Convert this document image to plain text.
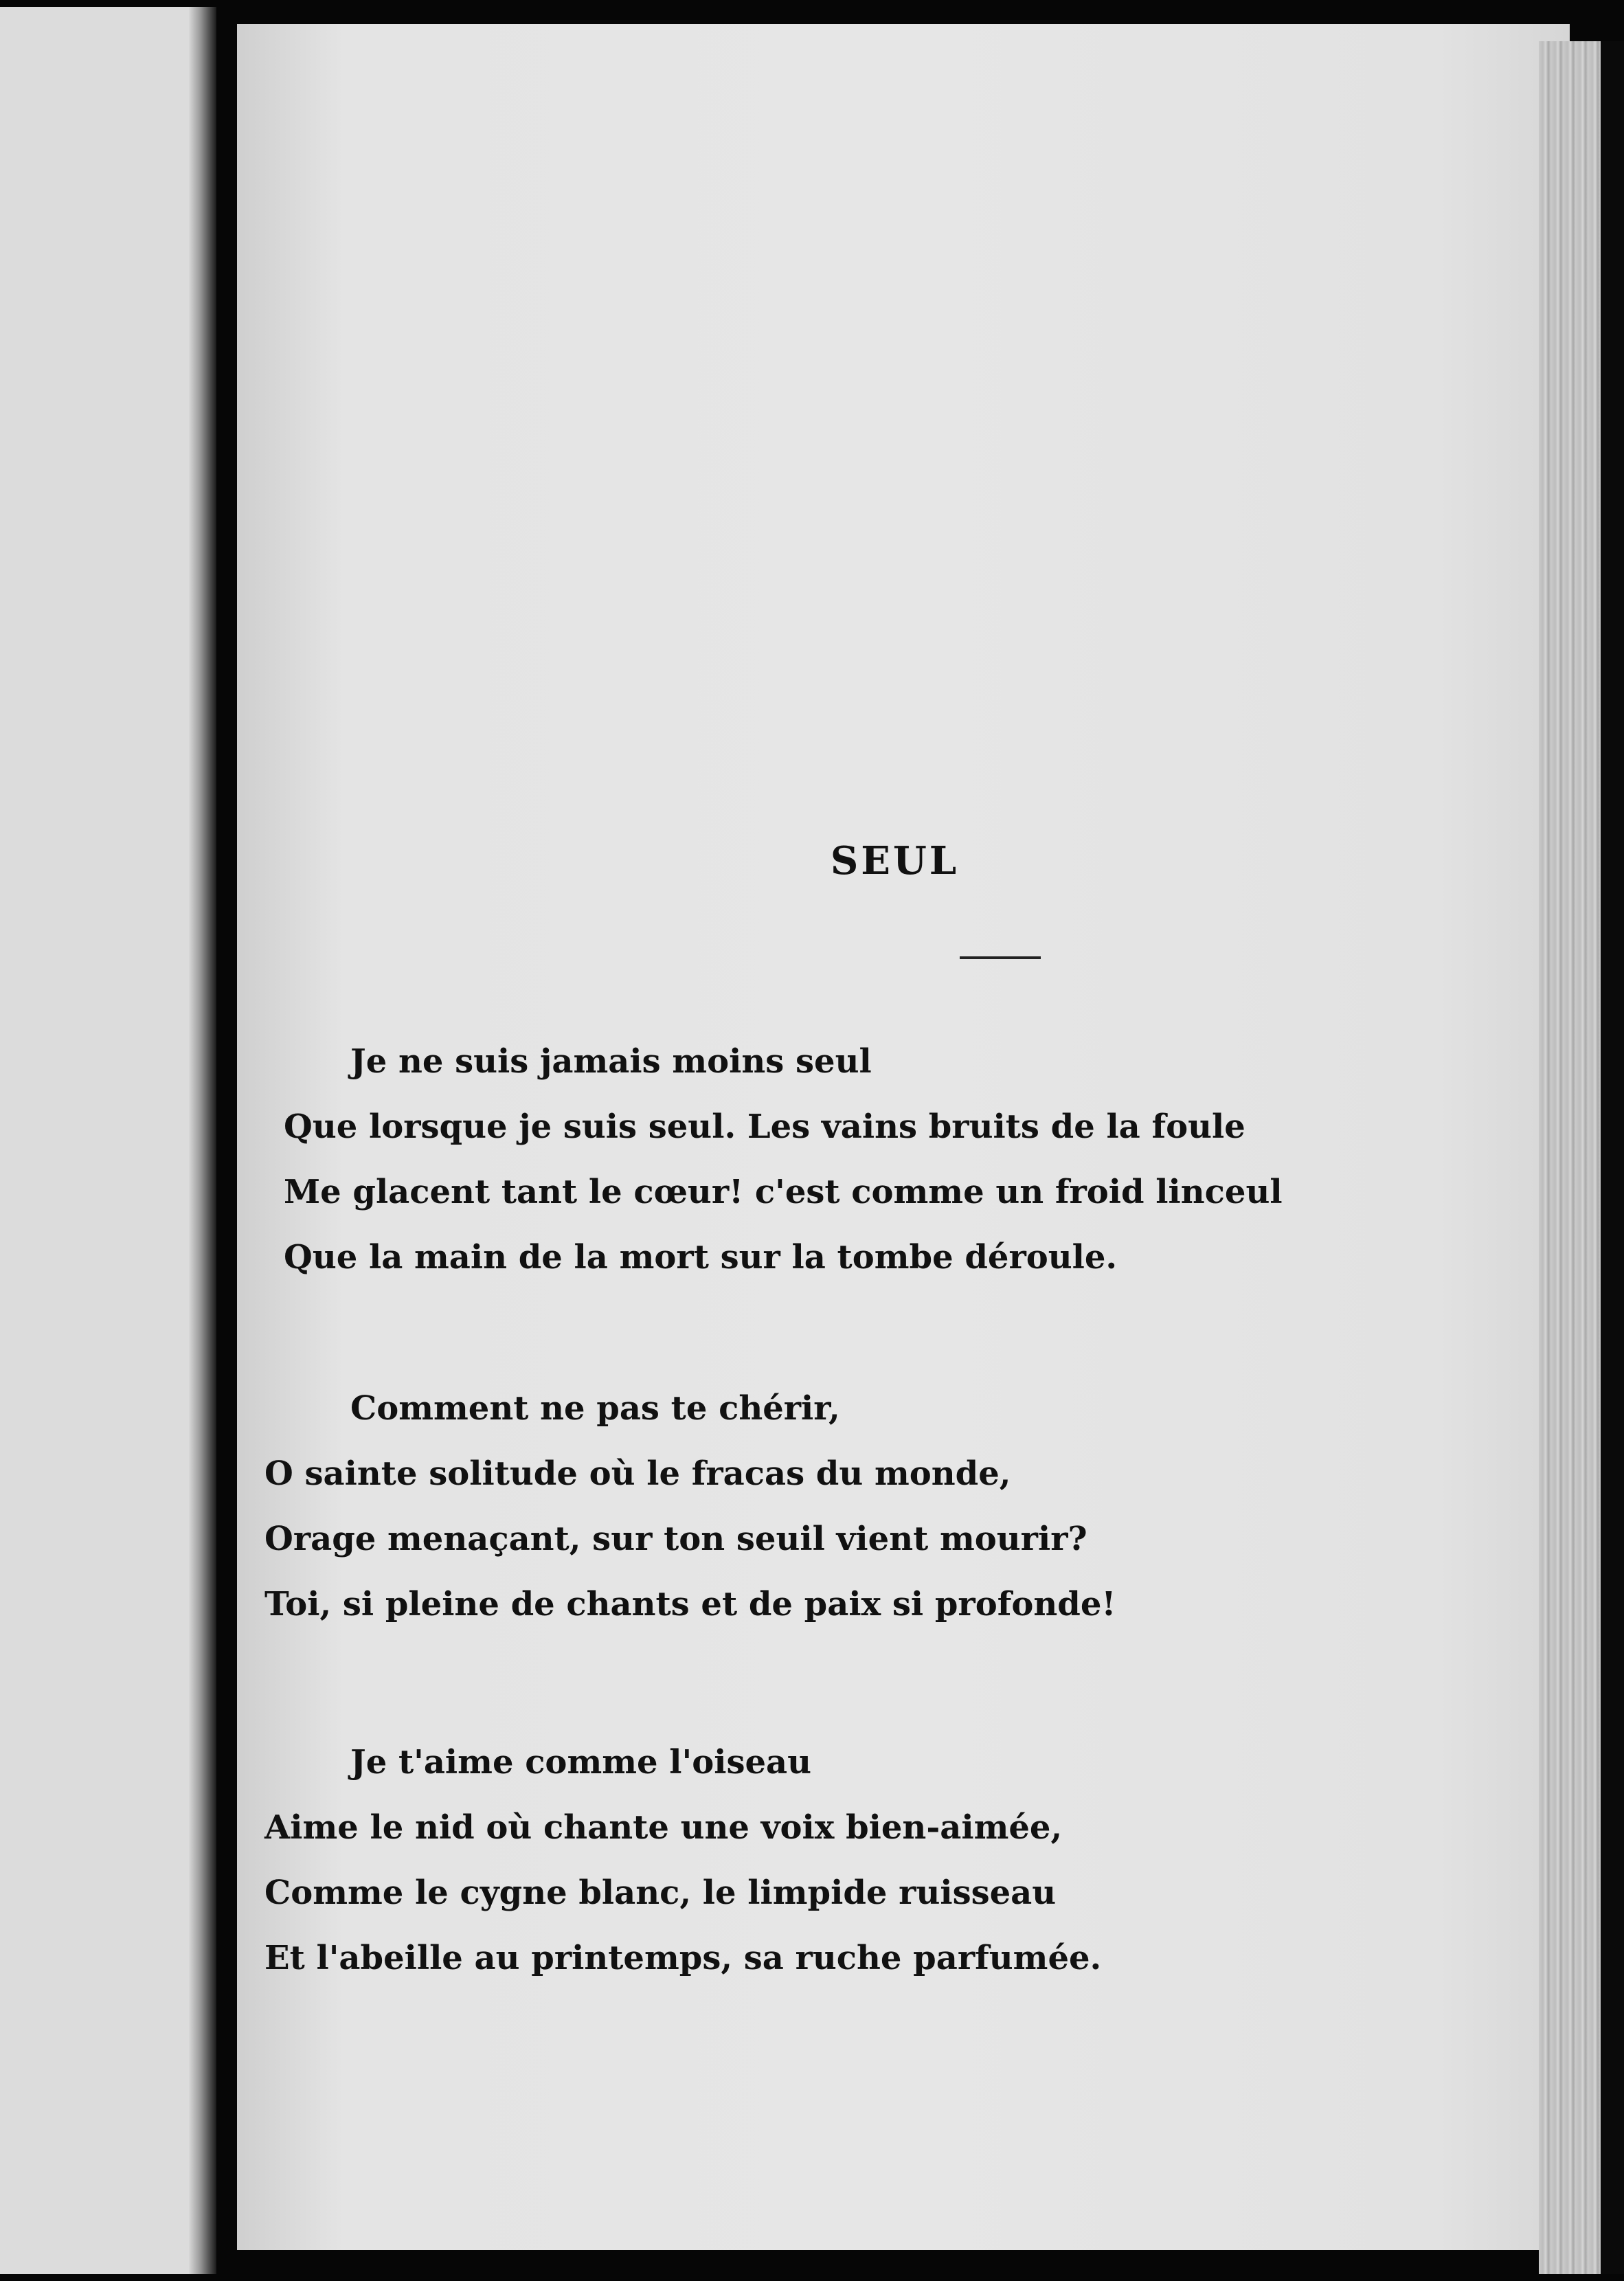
SEUL
Je ne suis jamais moins seul
Que lorsque je suis seul. Les vains bruits de la foule
Me glacent tant le cœur! c'est comme un froid linceul
Que la main de la mort sur la tombe déroule.
Comment ne pas te chérir,
O sainte solitude où le fracas du monde,
Orage menaçant, sur ton seuil vient mourir?
Toi, si pleine de chants et de paix si profonde!
Je t'aime comme l'oiseau
Aime le nid où chante une voix bien-aimée,
Comme le cygne blanc, le limpide ruisseau
Et l'abeille au printemps, sa ruche parfumée.
